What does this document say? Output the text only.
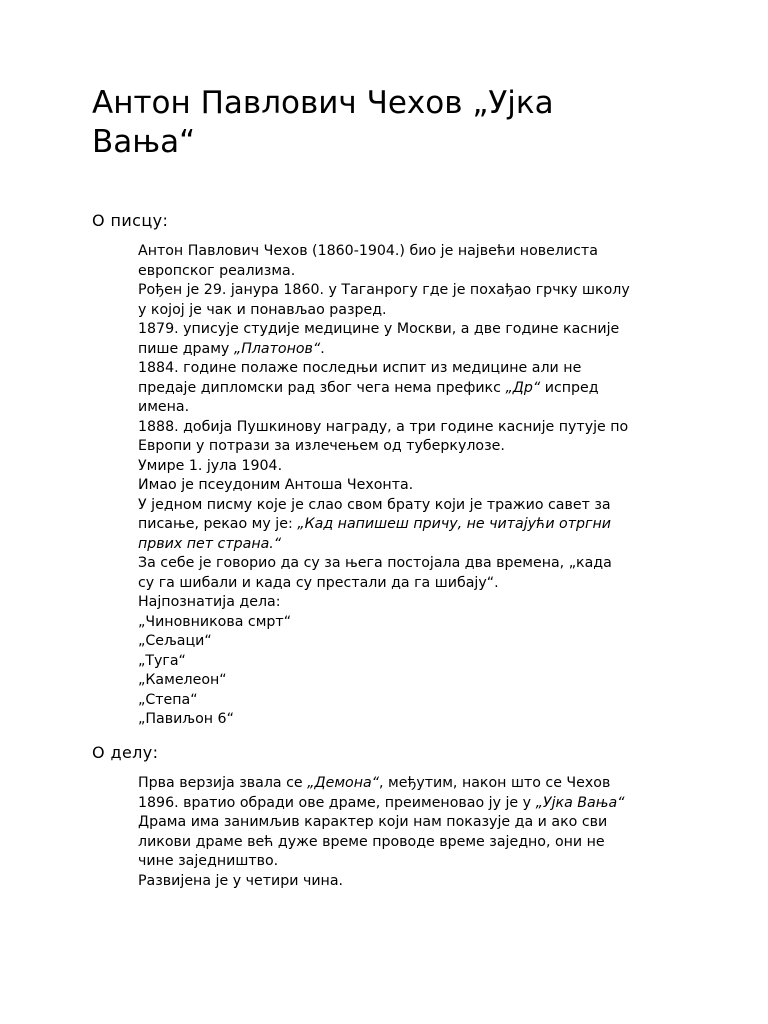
Антон Павлович Чехов „Ујка
Вања“
О писцу:
Антон Павлович Чехов (1860-1904.) био је највећи новелиста
европског реализма.
Рођен је 29. јануpa 1860. у Таганрогу где је похађао грчку школу
у којој је чак и понављао разред.
1879. уписује студије медицине у Москви, а две године касније
пише драму „Платонов“.
1884. године полаже последњи испит из медицине али не
предаје дипломски рад због чега нема префикс „Др“ испред
имена.
1888. добија Пушкинову награду, а три године касније путује по
Европи у потрази за излечењем од туберкулозе.
Умире 1. јула 1904.
Имао је псеудоним Антоша Чехонта.
У једном писму које је слао свом брату који је тражио савет за
писање, рекао му је: „Кад напишеш причу, не читајући отргни
првих пет страна.“
За себе је говорио да су за њега постојала два времена, „када
су га шибали и када су престали да га шибају“.
Најпознатија дела:
„Чиновникова смрт“
„Сељаци“
„Туга“
„Камелеон“
„Степа“
„Павиљон 6“
О делу:
Прва верзија звала се „Демона“, међутим, након што се Чехов
1896. вратио обради ове драме, преименовао ју је у „Ујка Вања“
Драма има занимљив карактер који нам показује да и ако сви
ликови драме већ дуже време проводе време заједно, они не
чине заједништво.
Развијена је у четири чина.
